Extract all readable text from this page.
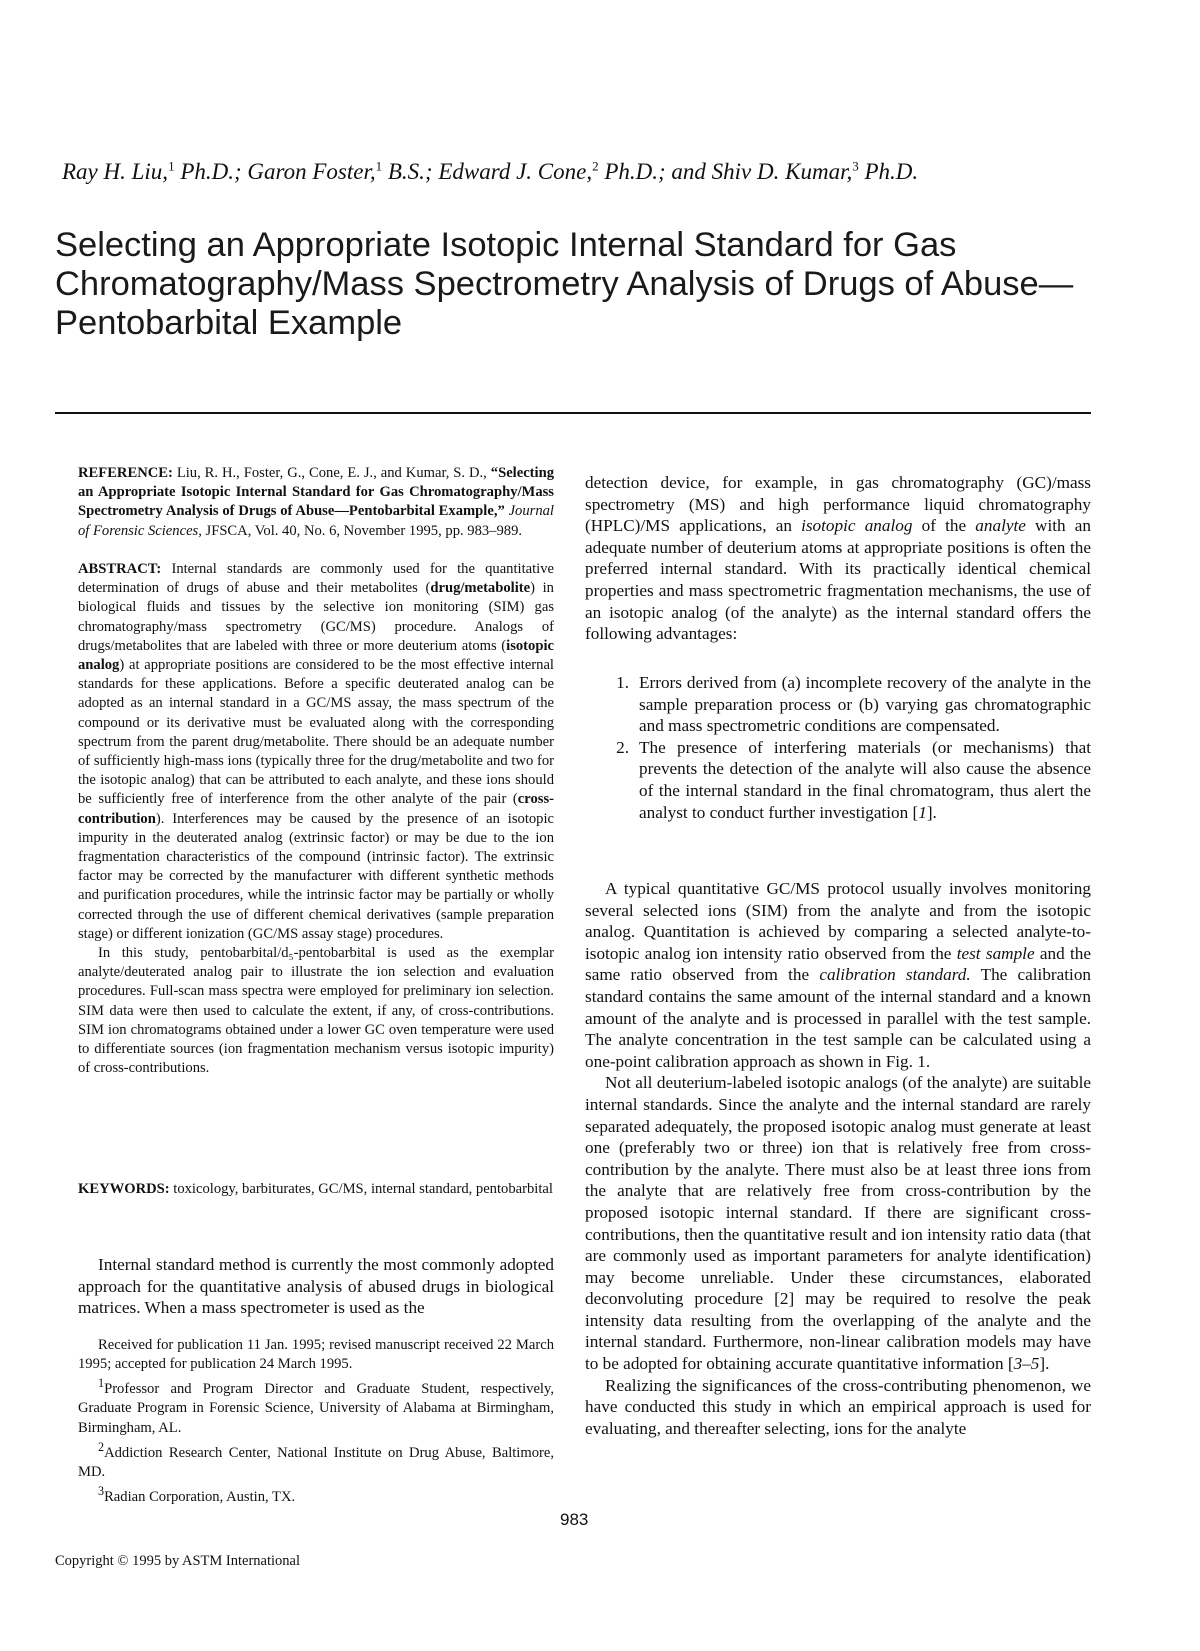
Ray H. Liu,$^1$ Ph.D.; Garon Foster,$^1$ B.S.; Edward J. Cone,$^2$ Ph.D.; and Shiv D. Kumar,$^3$ Ph.D.
Selecting an Appropriate Isotopic Internal Standard for Gas Chromatography/Mass Spectrometry Analysis of Drugs of Abuse—Pentobarbital Example

REFERENCE: Liu, R. H., Foster, G., Cone, E. J., and Kumar, S. D., “Selecting an Appropriate Isotopic Internal Standard for Gas Chromatography/Mass Spectrometry Analysis of Drugs of Abuse—Pentobarbital Example,” Journal of Forensic Sciences, JFSCA, Vol. 40, No. 6, November 1995, pp. 983–989.

ABSTRACT: Internal standards are commonly used for the quantitative determination of drugs of abuse and their metabolites (drug/metabolite) in biological fluids and tissues by the selective ion monitoring (SIM) gas chromatography/mass spectrometry (GC/MS) procedure. Analogs of drugs/metabolites that are labeled with three or more deuterium atoms (isotopic analog) at appropriate positions are considered to be the most effective internal standards for these applications. Before a specific deuterated analog can be adopted as an internal standard in a GC/MS assay, the mass spectrum of the compound or its derivative must be evaluated along with the corresponding spectrum from the parent drug/metabolite. There should be an adequate number of sufficiently high-mass ions (typically three for the drug/metabolite and two for the isotopic analog) that can be attributed to each analyte, and these ions should be sufficiently free of interference from the other analyte of the pair (cross-contribution). Interferences may be caused by the presence of an isotopic impurity in the deuterated analog (extrinsic factor) or may be due to the ion fragmentation characteristics of the compound (intrinsic factor). The extrinsic factor may be corrected by the manufacturer with different synthetic methods and purification procedures, while the intrinsic factor may be partially or wholly corrected through the use of different chemical derivatives (sample preparation stage) or different ionization (GC/MS assay stage) procedures.

In this study, pentobarbital/d₅-pentobarbital is used as the exemplar analyte/deuterated analog pair to illustrate the ion selection and evaluation procedures. Full-scan mass spectra were employed for preliminary ion selection. SIM data were then used to calculate the extent, if any, of cross-contributions. SIM ion chromatograms obtained under a lower GC oven temperature were used to differentiate sources (ion fragmentation mechanism versus isotopic impurity) of cross-contributions.

KEYWORDS: toxicology, barbiturates, GC/MS, internal standard, pentobarbital

Internal standard method is currently the most commonly adopted approach for the quantitative analysis of abused drugs in biological matrices. When a mass spectrometer is used as the

Received for publication 11 Jan. 1995; revised manuscript received 22 March 1995; accepted for publication 24 March 1995.

$^1$Professor and Program Director and Graduate Student, respectively, Graduate Program in Forensic Science, University of Alabama at Birmingham, Birmingham, AL.

$^2$Addiction Research Center, National Institute on Drug Abuse, Baltimore, MD.

$^3$Radian Corporation, Austin, TX.

detection device, for example, in gas chromatography (GC)/mass spectrometry (MS) and high performance liquid chromatography (HPLC)/MS applications, an isotopic analog of the analyte with an adequate number of deuterium atoms at appropriate positions is often the preferred internal standard. With its practically identical chemical properties and mass spectrometric fragmentation mechanisms, the use of an isotopic analog (of the analyte) as the internal standard offers the following advantages:

1. Errors derived from (a) incomplete recovery of the analyte in the sample preparation process or (b) varying gas chromatographic and mass spectrometric conditions are compensated.
2. The presence of interfering materials (or mechanisms) that prevents the detection of the analyte will also cause the absence of the internal standard in the final chromatogram, thus alert the analyst to conduct further investigation [1].

A typical quantitative GC/MS protocol usually involves monitoring several selected ions (SIM) from the analyte and from the isotopic analog. Quantitation is achieved by comparing a selected analyte-to-isotopic analog ion intensity ratio observed from the test sample and the same ratio observed from the calibration standard. The calibration standard contains the same amount of the internal standard and a known amount of the analyte and is processed in parallel with the test sample. The analyte concentration in the test sample can be calculated using a one-point calibration approach as shown in Fig. 1.

Not all deuterium-labeled isotopic analogs (of the analyte) are suitable internal standards. Since the analyte and the internal standard are rarely separated adequately, the proposed isotopic analog must generate at least one (preferably two or three) ion that is relatively free from cross-contribution by the analyte. There must also be at least three ions from the analyte that are relatively free from cross-contribution by the proposed isotopic internal standard. If there are significant cross-contributions, then the quantitative result and ion intensity ratio data (that are commonly used as important parameters for analyte identification) may become unreliable. Under these circumstances, elaborated deconvoluting procedure [2] may be required to resolve the peak intensity data resulting from the overlapping of the analyte and the internal standard. Furthermore, non-linear calibration models may have to be adopted for obtaining accurate quantitative information [3–5].

Realizing the significances of the cross-contributing phenomenon, we have conducted this study in which an empirical approach is used for evaluating, and thereafter selecting, ions for the analyte

983
Copyright © 1995 by ASTM International
